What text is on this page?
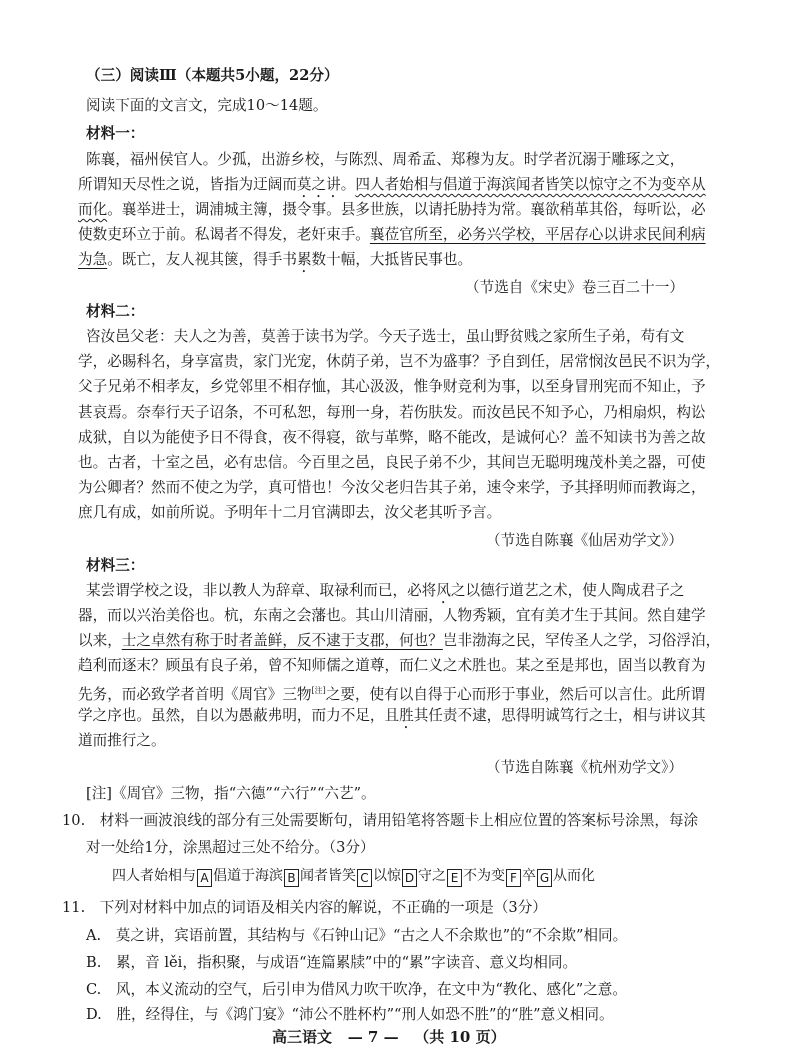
（三）阅读Ⅲ（本题共5小题，22分）
阅读下面的文言文，完成10～14题。
材料一：
陈襄，福州侯官人。少孤，出游乡校，与陈烈、周希孟、郑穆为友。时学者沉溺于雕琢之文，
所谓知天尽性之说，皆指为迂阔而莫之讲。四人者始相与倡道于海滨闻者皆笑以惊守之不为变卒从
而化。襄举进士，调浦城主簿，摄令事。县多世族，以请托胁持为常。襄欲稍革其俗，每听讼，必
使数吏环立于前。私谒者不得发，老奸束手。襄莅官所至，必务兴学校，平居存心以讲求民间利病
为急。既亡，友人视其箧，得手书累数十幅，大抵皆民事也。
（节选自《宋史》卷三百二十一）
材料二：
咨汝邑父老：夫人之为善，莫善于读书为学。今天子选士，虽山野贫贱之家所生子弟，苟有文
学，必賜科名，身享富贵，家门光宠，休荫子弟，岂不为盛事？予自到任，居常悯汝邑民不识为学，
父子兄弟不相孝友，乡党邻里不相存恤，其心汲汲，惟争财竞利为事，以至身冒刑宪而不知止，予
甚哀焉。奈奉行天子诏条，不可私恕，每刑一身，若伤肤发。而汝邑民不知予心，乃相扇炽，构讼
成狱，自以为能使予日不得食，夜不得寝，欲与革弊，略不能改，是诚何心？盖不知读书为善之故
也。古者，十室之邑，必有忠信。今百里之邑，良民子弟不少，其间岂无聪明瑰茂朴美之器，可使
为公卿者？然而不使之为学，真可惜也！今汝父老归告其子弟，速令来学，予其择明师而教诲之，
庶几有成，如前所说。予明年十二月官满即去，汝父老其听予言。
（节选自陈襄《仙居劝学文》）
材料三：
某尝谓学校之设，非以教人为辞章、取禄利而已，必将风之以德行道艺之术，使人陶成君子之
器，而以兴治美俗也。杭，东南之会藩也。其山川清丽，人物秀颖，宜有美才生于其间。然自建学
以来，士之卓然有称于时者盖鲜，反不逮于支郡，何也？岂非渤海之民，罕传圣人之学，习俗浮泊，
趋利而逐末？顾虽有良子弟，曾不知师儒之道尊，而仁义之术胜也。某之至是邦也，固当以教育为
先务，而必致学者首明《周官》三物[注]之要，使有以自得于心而形于事业，然后可以言仕。此所谓
学之序也。虽然，自以为愚蔽弗明，而力不足，且胜其任责不逮，思得明诚笃行之士，相与讲议其
道而推行之。
（节选自陈襄《杭州劝学文》）
[注]《周官》三物，指“六德”“六行”“六艺”。
10.　材料一画波浪线的部分有三处需要断句，请用铅笔将答题卡上相应位置的答案标号涂黑，每涂
对一处给1分，涂黑超过三处不给分。（3分）
四人者始相与 A 倡道于海滨 B 闻者皆笑 C 以惊 D 守之 E 不为变 F 卒 G 从而化
11.　下列对材料中加点的词语及相关内容的解说，不正确的一项是（3分）
A.　莫之讲，宾语前置，其结构与《石钟山记》“古之人不余欺也”的“不余欺”相同。
B.　累，音 lěi，指积聚，与成语“连篇累牍”中的“累”字读音、意义均相同。
C.　风，本义流动的空气，后引申为借风力吹干吹净，在文中为“教化、感化”之意。
D.　胜，经得住，与《鸿门宴》“沛公不胜杯杓”“刑人如恐不胜”的“胜”意义相同。
高三语文 — 7 — （共 10 页）
